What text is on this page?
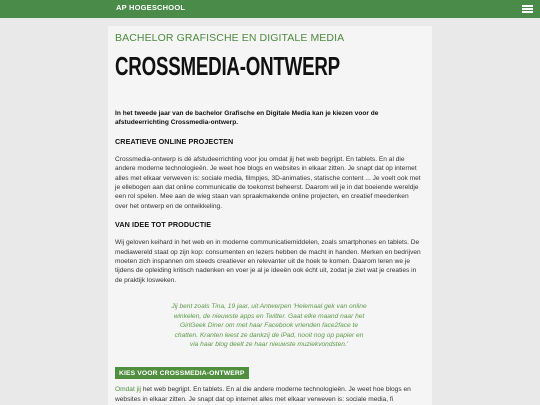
AP HOGESCHOOL
BACHELOR GRAFISCHE EN DIGITALE MEDIA
CROSSMEDIA-ONTWERP

In het tweede jaar van de bachelor Grafische en Digitale Media kan je kiezen voor de afstudeerrichting Crossmedia-ontwerp.

CREATIEVE ONLINE PROJECTEN

Crossmedia-ontwerp is dé afstudeerrichting voor jou omdat jij het web begrijpt. En tablets. En al die andere moderne technologieën. Je weet hoe blogs en websites in elkaar zitten. Je snapt dat op internet alles met elkaar verweven is: sociale media, filmpjes, 3D-animaties, statische content ... Je voelt ook met je ellebogen aan dat online communicatie de toekomst beheerst. Daarom wil je in dat boeiende wereldje een rol spelen. Mee aan de wieg staan van spraakmakende online projecten, en creatief meedenken over het ontwerp en de ontwikkeling.

VAN IDEE TOT PRODUCTIE

Wij geloven keihard in het web en in moderne communicatiemiddelen, zoals smartphones en tablets. De mediawereld staat op zijn kop: consumenten en lezers hebben de macht in handen. Merken en bedrijven moeten zich inspannen om steeds creatiever en relevanter uit de hoek te komen. Daarom leren we je tijdens de opleiding kritisch nadenken en voer je al je ideeën ook écht uit, zodat je ziet wat je creaties in de praktijk losweken.

Jij bent zoals Tina, 19 jaar, uit Antwerpen 'Helemaal gek van online winkelen, de nieuwste apps en Twitter. Gaat elke maand naar het GirlGeek Diner om met haar Facebook vrienden face2face te chatten. Kranten leest ze dankzij de iPad, nooit nog op papier en via haar blog deelt ze haar nieuwste muziekvondsten.'
KIES VOOR CROSSMEDIA-ONTWERP

Omdat jij het web begrijpt. En tablets. En al die andere moderne technologieën. Je weet hoe blogs en websites in elkaar zitten. Je snapt dat op internet alles met elkaar verweven is: sociale media, fi
